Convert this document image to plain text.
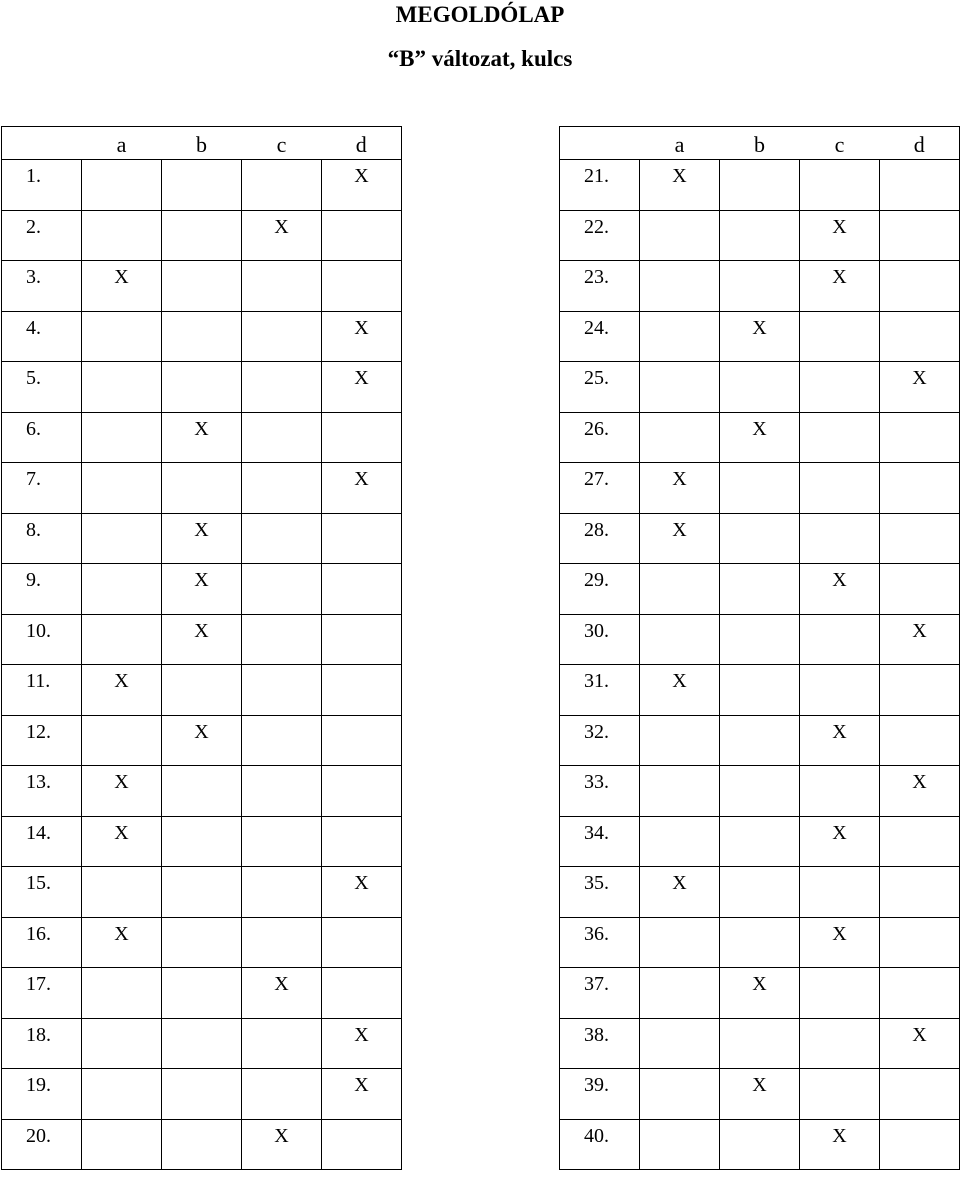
MEGOLDÓLAP
“B” változat, kulcs
	a	b	c	d
1.				X
2.			X	
3.	X			
4.				X
5.				X
6.		X		
7.				X
8.		X		
9.		X		
10.		X		
11.	X			
12.		X		
13.	X			
14.	X			
15.				X
16.	X			
17.			X	
18.				X
19.				X
20.			X	
	a	b	c	d
21.	X			
22.			X	
23.			X	
24.		X		
25.				X
26.		X		
27.	X			
28.	X			
29.			X	
30.				X
31.	X			
32.			X	
33.				X
34.			X	
35.	X			
36.			X	
37.		X		
38.				X
39.		X		
40.			X	
